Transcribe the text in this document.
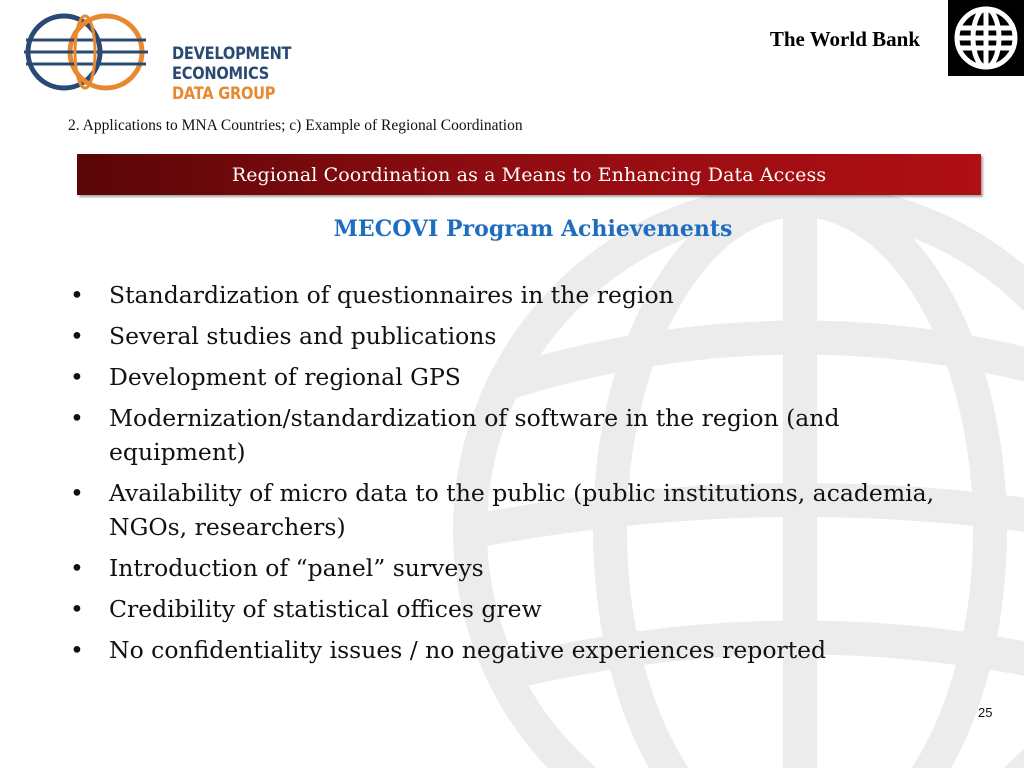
DEVELOPMENT ECONOMICS
DATA GROUP
The World Bank
2. Applications to MNA Countries; c) Example of Regional Coordination
Regional Coordination as a Means to Enhancing Data Access
MECOVI Program Achievements
• Standardization of questionnaires in the region
• Several studies and publications
• Development of regional GPS
• Modernization/standardization of software in the region (and equipment)
• Availability of micro data to the public (public institutions, academia, NGOs, researchers)
• Introduction of “panel” surveys
• Credibility of statistical offices grew
• No confidentiality issues / no negative experiences reported
25
